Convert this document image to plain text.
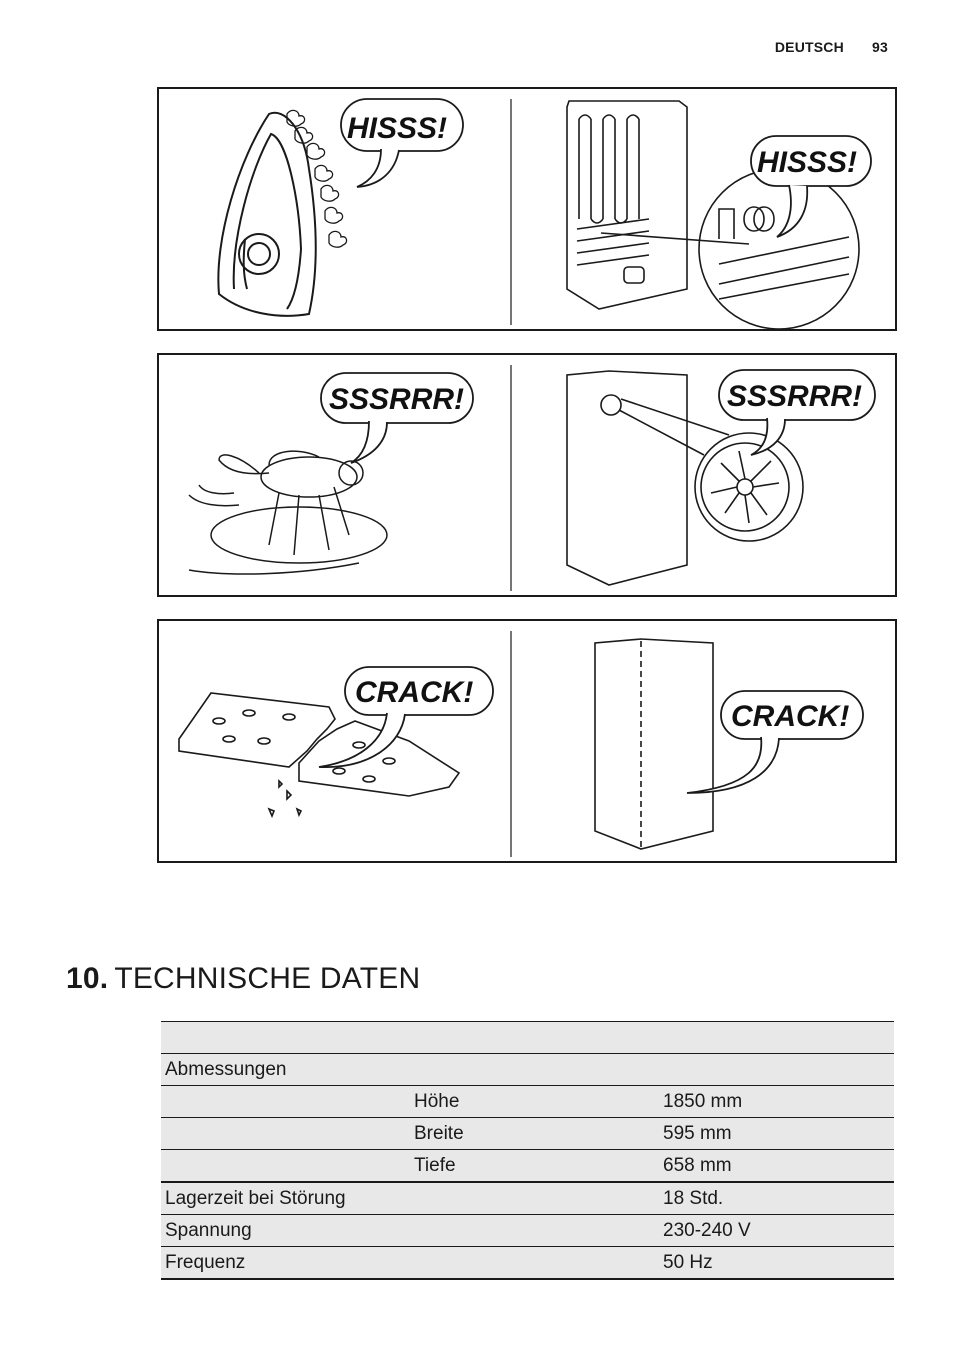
DEUTSCH 93
HISSS!
HISSS!
SSSRRR!	SSSRRR!
CRACK!
CRACK!
10. TECHNISCHE DATEN

Abmessungen		
	Höhe	1850 mm
	Breite	595 mm
	Tiefe	658 mm
Lagerzeit bei Störung		18 Std.
Spannung		230-240 V
Frequenz		50 Hz
